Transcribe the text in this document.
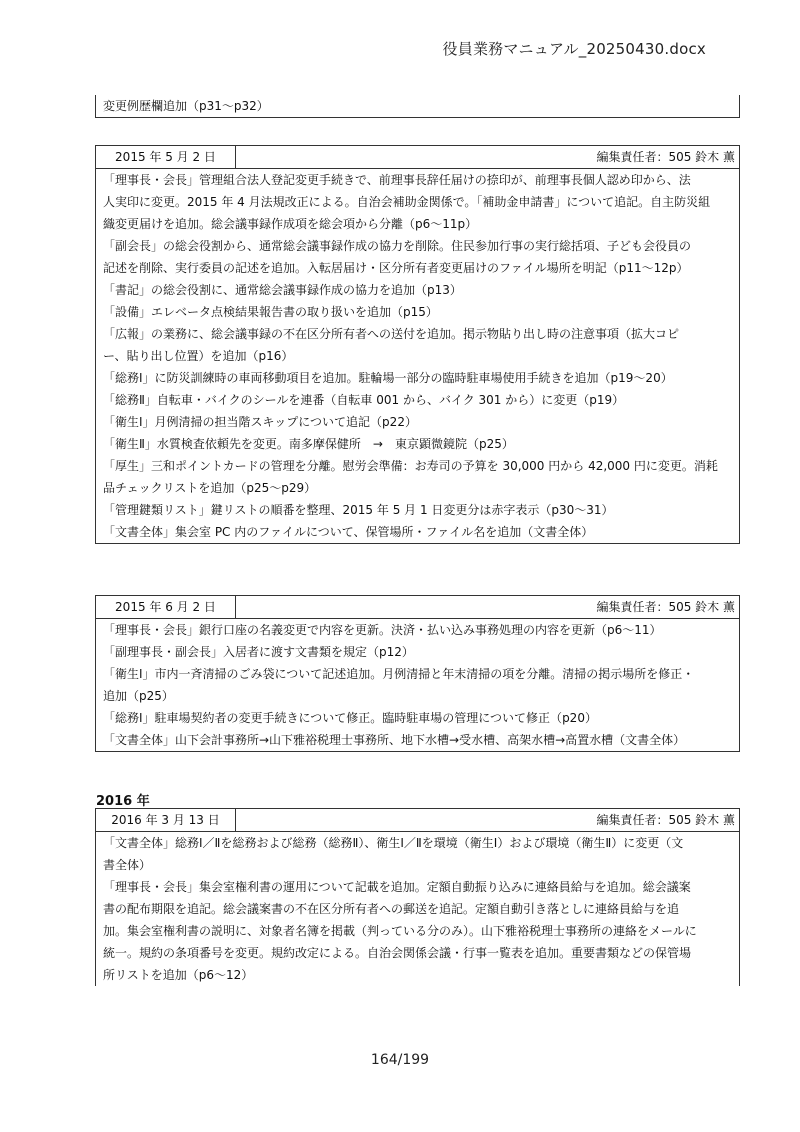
役員業務マニュアル_20250430.docx
変更例歴欄追加（p31〜p32）
2015 年 5 月 2 日	編集責任者：505 鈴木 薫
「理事長・会長」管理組合法人登記変更手続きで、前理事長辞任届けの捺印が、前理事長個人認め印から、法
人実印に変更。2015 年 4 月法規改正による。自治会補助金関係で。「補助金申請書」について追記。自主防災組
織変更届けを追加。総会議事録作成項を総会項から分離（p6〜11p）
「副会長」の総会役割から、通常総会議事録作成の協力を削除。住民参加行事の実行総括項、子ども会役員の
記述を削除、実行委員の記述を追加。入転居届け・区分所有者変更届けのファイル場所を明記（p11〜12p）
「書記」の総会役割に、通常総会議事録作成の協力を追加（p13）
「設備」エレベータ点検結果報告書の取り扱いを追加（p15）
「広報」の業務に、総会議事録の不在区分所有者への送付を追加。掲示物貼り出し時の注意事項（拡大コピ
ー、貼り出し位置）を追加（p16）
「総務Ⅰ」に防災訓練時の車両移動項目を追加。駐輪場一部分の臨時駐車場使用手続きを追加（p19〜20）
「総務Ⅱ」自転車・バイクのシールを連番（自転車 001 から、バイク 301 から）に変更（p19）
「衛生Ⅰ」月例清掃の担当階スキップについて追記（p22）
「衛生Ⅱ」水質検査依頼先を変更。南多摩保健所　→　東京顕微鏡院（p25）
「厚生」三和ポイントカードの管理を分離。慰労会準備：お寿司の予算を 30,000 円から 42,000 円に変更。消耗
品チェックリストを追加（p25〜p29）
「管理鍵類リスト」鍵リストの順番を整理、2015 年 5 月 1 日変更分は赤字表示（p30〜31）
「文書全体」集会室 PC 内のファイルについて、保管場所・ファイル名を追加（文書全体）
2015 年 6 月 2 日	編集責任者：505 鈴木 薫
「理事長・会長」銀行口座の名義変更で内容を更新。決済・払い込み事務処理の内容を更新（p6〜11）
「副理事長・副会長」入居者に渡す文書類を規定（p12）
「衛生Ⅰ」市内一斉清掃のごみ袋について記述追加。月例清掃と年末清掃の項を分離。清掃の掲示場所を修正・
追加（p25）
「総務Ⅰ」駐車場契約者の変更手続きについて修正。臨時駐車場の管理について修正（p20）
「文書全体」山下会計事務所→山下雅裕税理士事務所、地下水槽→受水槽、高架水槽→高置水槽（文書全体）
2016 年
2016 年 3 月 13 日	編集責任者：505 鈴木 薫
「文書全体」総務Ⅰ／Ⅱを総務および総務（総務Ⅱ）、衛生Ⅰ／Ⅱを環境（衛生Ⅰ）および環境（衛生Ⅱ）に変更（文
書全体）
「理事長・会長」集会室権利書の運用について記載を追加。定額自動振り込みに連絡員給与を追加。総会議案
書の配布期限を追記。総会議案書の不在区分所有者への郵送を追記。定額自動引き落としに連絡員給与を追
加。集会室権利書の説明に、対象者名簿を掲載（判っている分のみ）。山下雅裕税理士事務所の連絡をメールに
統一。規約の条項番号を変更。規約改定による。自治会関係会議・行事一覧表を追加。重要書類などの保管場
所リストを追加（p6〜12）
164/199
